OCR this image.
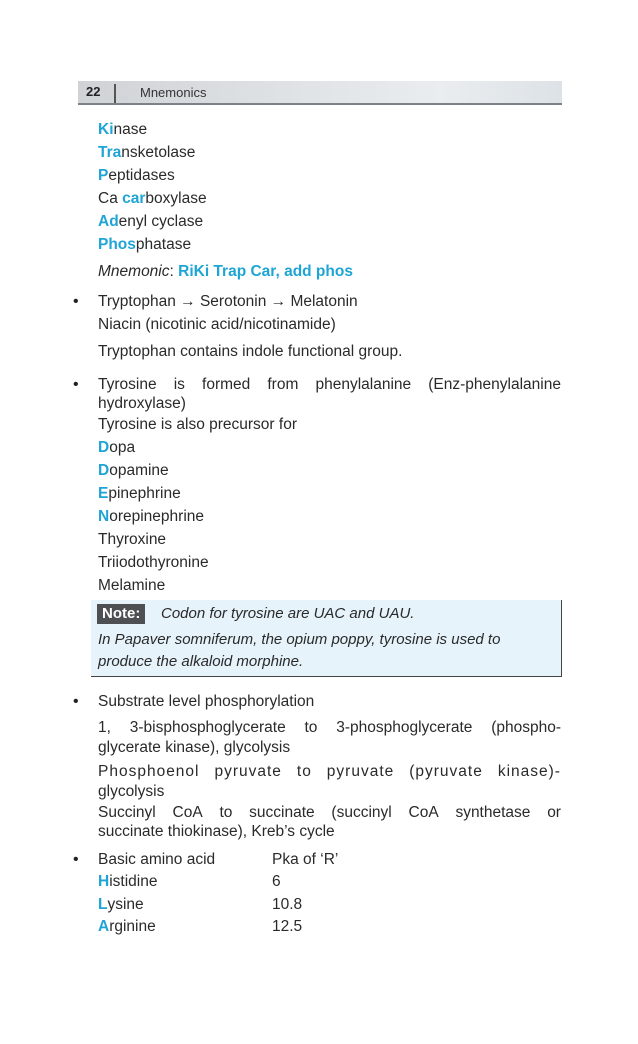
22	Mnemonics
Kinase
Transketolase
Peptidases
Ca carboxylase
Adenyl cyclase
Phosphatase
Mnemonic: RiKi Trap Car, add phos
• Tryptophan → Serotonin → Melatonin
Niacin (nicotinic acid/nicotinamide)
Tryptophan contains indole functional group.
• Tyrosine is formed from phenylalanine (Enz-phenylalanine
hydroxylase)
Tyrosine is also precursor for
Dopa
Dopamine
Epinephrine
Norepinephrine
Thyroxine
Triiodothyronine
Melamine
Note:	Codon for tyrosine are UAC and UAU.
In Papaver somniferum, the opium poppy, tyrosine is used to
produce the alkaloid morphine.
• Substrate level phosphorylation
1, 3-bisphosphoglycerate to 3-phosphoglycerate (phospho-
glycerate kinase), glycolysis
Phosphoenol pyruvate to pyruvate (pyruvate kinase)-
glycolysis
Succinyl CoA to succinate (succinyl CoA synthetase or
succinate thiokinase), Kreb’s cycle
• Basic amino acid	Pka of ‘R’
Histidine	6
Lysine	10.8
Arginine	12.5
